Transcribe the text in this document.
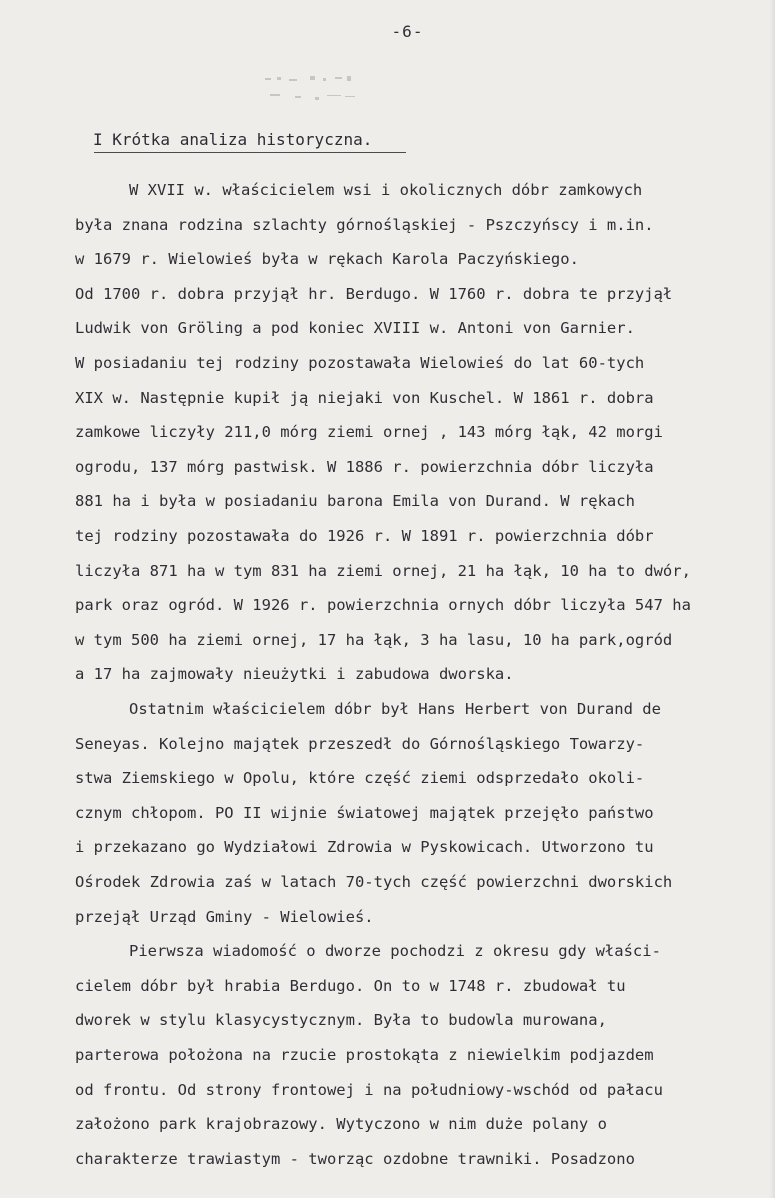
-6-
I Krótka analiza historyczna.
W XVII w. właścicielem wsi i okolicznych dóbr zamkowych
była znana rodzina szlachty górnośląskiej - Pszczyńscy i m.in.
w 1679 r. Wielowieś była w rękach Karola Paczyńskiego.
Od 1700 r. dobra przyjął hr. Berdugo. W 1760 r. dobra te przyjął
Ludwik von Gröling a pod koniec XVIII w. Antoni von Garnier.
W posiadaniu tej rodziny pozostawała Wielowieś do lat 60-tych
XIX w. Następnie kupił ją niejaki von Kuschel. W 1861 r. dobra
zamkowe liczyły 211,0 mórg ziemi ornej , 143 mórg łąk, 42 morgi
ogrodu, 137 mórg pastwisk. W 1886 r. powierzchnia dóbr liczyła
881 ha i była w posiadaniu barona Emila von Durand. W rękach
tej rodziny pozostawała do 1926 r. W 1891 r. powierzchnia dóbr
liczyła 871 ha w tym 831 ha ziemi ornej, 21 ha łąk, 10 ha to dwór,
park oraz ogród. W 1926 r. powierzchnia ornych dóbr liczyła 547 ha
w tym 500 ha ziemi ornej, 17 ha łąk, 3 ha lasu, 10 ha park,ogród
a 17 ha zajmowały nieużytki i zabudowa dworska.
Ostatnim właścicielem dóbr był Hans Herbert von Durand de
Seneyas. Kolejno majątek przeszedł do Górnośląskiego Towarzy-
stwa Ziemskiego w Opolu, które część ziemi odsprzedało okoli-
cznym chłopom. PO II wijnie światowej majątek przejęło państwo
i przekazano go Wydziałowi Zdrowia w Pyskowicach. Utworzono tu
Ośrodek Zdrowia zaś w latach 70-tych część powierzchni dworskich
przejął Urząd Gminy - Wielowieś.
Pierwsza wiadomość o dworze pochodzi z okresu gdy właści-
cielem dóbr był hrabia Berdugo. On to w 1748 r. zbudował tu
dworek w stylu klasycystycznym. Była to budowla murowana,
parterowa położona na rzucie prostokąta z niewielkim podjazdem
od frontu. Od strony frontowej i na południowy-wschód od pałacu
założono park krajobrazowy. Wytyczono w nim duże polany o
charakterze trawiastym - tworząc ozdobne trawniki. Posadzono
